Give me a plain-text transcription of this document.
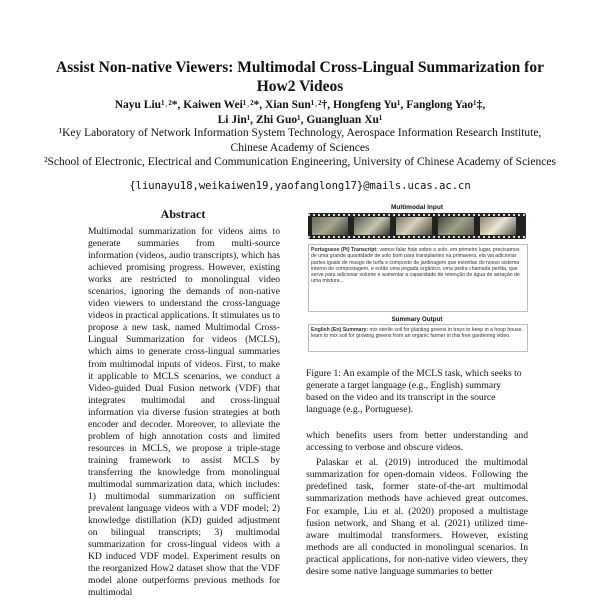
Assist Non-native Viewers: Multimodal Cross-Lingual Summarization for How2 Videos
Nayu Liu¹˒²*, Kaiwen Wei¹˒²*, Xian Sun¹˒²†, Hongfeng Yu¹, Fanglong Yao¹‡,
Li Jin¹, Zhi Guo¹, Guangluan Xu¹
¹Key Laboratory of Network Information System Technology, Aerospace Information Research Institute, Chinese Academy of Sciences
²School of Electronic, Electrical and Communication Engineering, University of Chinese Academy of Sciences
{liunayu18,weikaiwen19,yaofanglong17}@mails.ucas.ac.cn
Abstract

Multimodal summarization for videos aims to generate summaries from multi-source information (videos, audio transcripts), which has achieved promising progress. However, existing works are restricted to monolingual video scenarios, ignoring the demands of non-native video viewers to understand the cross-language videos in practical applications. It stimulates us to propose a new task, named Multimodal Cross-Lingual Summarization for videos (MCLS), which aims to generate cross-lingual summaries from multimodal inputs of videos. First, to make it applicable to MCLS scenarios, we conduct a Video-guided Dual Fusion network (VDF) that integrates multimodal and cross-lingual information via diverse fusion strategies at both encoder and decoder. Moreover, to alleviate the problem of high annotation costs and limited resources in MCLS, we propose a triple-stage training framework to assist MCLS by transferring the knowledge from monolingual multimodal summarization data, which includes: 1) multimodal summarization on sufficient prevalent language videos with a VDF model; 2) knowledge distillation (KD) guided adjustment on bilingual transcripts; 3) multimodal summarization for cross-lingual videos with a KD induced VDF model. Experiment results on the reorganized How2 dataset show that the VDF model alone outperforms previous methods for multimodal

Multimodal Input
Portuguese (Pt) Transcript: vamos falar hoje sobre o solo. em primeiro lugar, precisamos de uma grande quantidade de solo bom para transplantes na primavera. ela vai adicionar partes iguais de musgo de turfa e composto de jardinagem que estreitas do nosso sistema interno de compostagem, e então uma pegada orgânico, uma pedra chamada perlita, que serve para adicionar volume e aumentar a capacidade de retenção de água de aeração de uma mistura...
Summary Output
English (En) Summary: mix sterile soil for planting greens in trays to keep in a hoop house. learn to mix soil for growing greens from an organic farmer in this free gardening video.
Figure 1: An example of the MCLS task, which seeks to generate a target language (e.g., English) summary based on the video and its transcript in the source language (e.g., Portuguese).

which benefits users from better understanding and accessing to verbose and obscure videos.

Palaskar et al. (2019) introduced the multimodal summarization for open-domain videos. Following the predefined task, former state-of-the-art multimodal summarization methods have achieved great outcomes. For example, Liu et al. (2020) proposed a multistage fusion network, and Shang et al. (2021) utilized time-aware multimodal transformers. However, existing methods are all conducted in monolingual scenarios. In practical applications, for non-native video viewers, they desire some native language summaries to better
